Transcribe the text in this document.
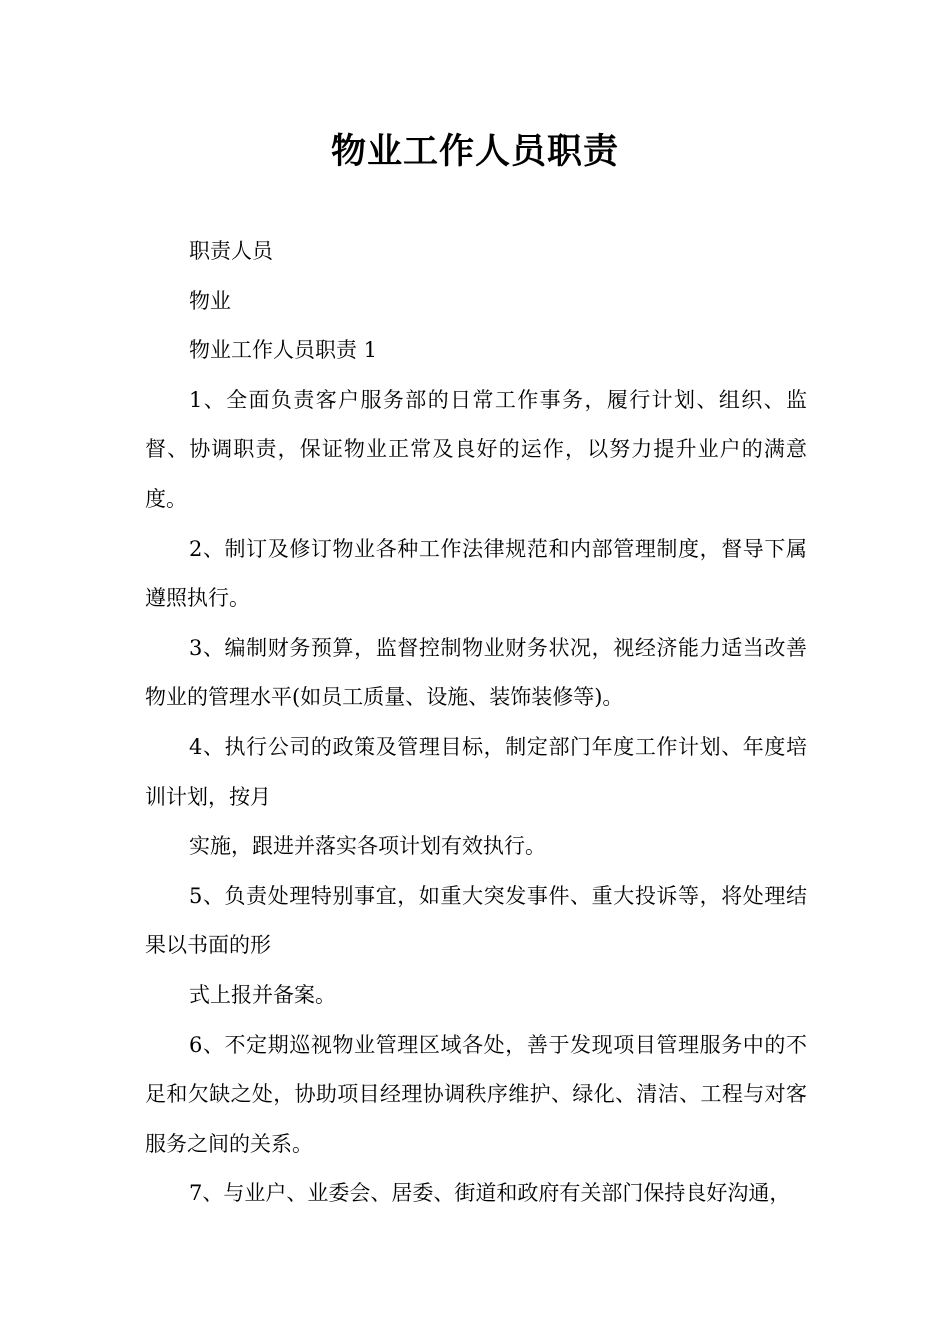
物业工作人员职责

职责人员

物业

物业工作人员职责 1

1、全面负责客户服务部的日常工作事务，履行计划、组织、监督、协调职责，保证物业正常及良好的运作，以努力提升业户的满意度。

2、制订及修订物业各种工作法律规范和内部管理制度，督导下属遵照执行。

3、编制财务预算，监督控制物业财务状况，视经济能力适当改善物业的管理水平(如员工质量、设施、装饰装修等)。

4、执行公司的政策及管理目标，制定部门年度工作计划、年度培训计划，按月

实施，跟进并落实各项计划有效执行。

5、负责处理特别事宜，如重大突发事件、重大投诉等，将处理结果以书面的形

式上报并备案。

6、不定期巡视物业管理区域各处，善于发现项目管理服务中的不足和欠缺之处，协助项目经理协调秩序维护、绿化、清洁、工程与对客服务之间的关系。

7、与业户、业委会、居委、街道和政府有关部门保持良好沟通，
